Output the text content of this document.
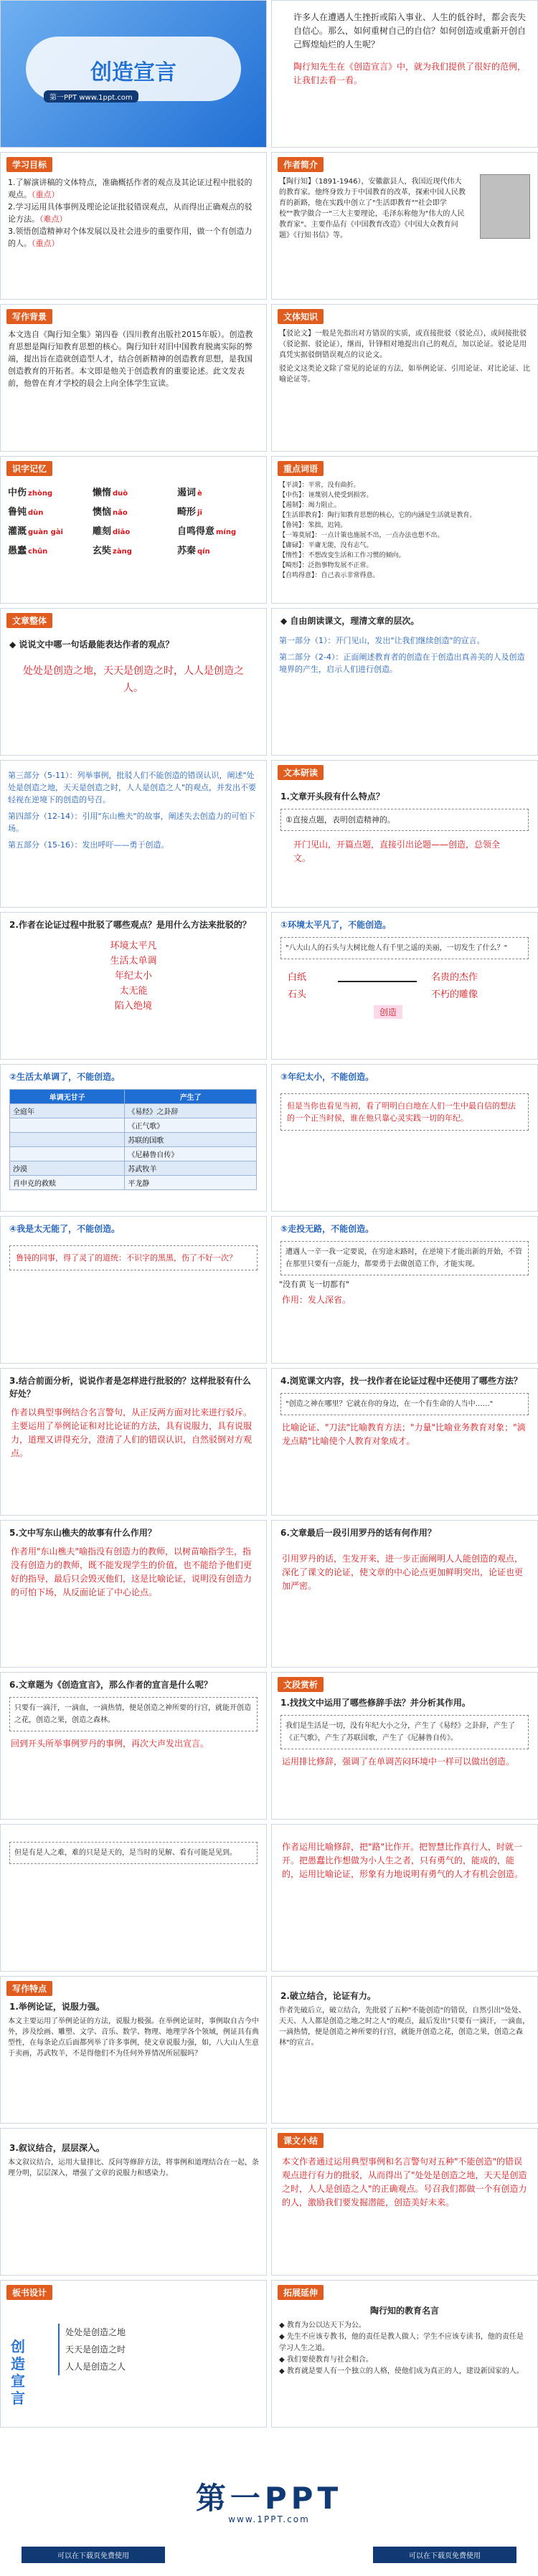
创造宣言
第一PPT www.1ppt.com
许多人在遭遇人生挫折或陷入事业、人生的低谷时，都会丧失自信心。那么，如何重树自己的自信？如何创造或重新开创自己辉煌灿烂的人生呢？
陶行知先生在《创造宣言》中，就为我们提供了很好的范例，让我们去看一看。
学习目标
1.了解演讲稿的文体特点，准确概括作者的观点及其论证过程中批驳的观点。（重点）
2.学习运用具体事例及理论论证批驳错误观点，从而得出正确观点的驳论方法。（难点）
3.领悟创造精神对个体发展以及社会进步的重要作用，做一个有创造力的人。（重点）
作者简介
【陶行知】（1891-1946），安徽歙县人，我国近现代伟大的教育家。他终身致力于中国教育的改革，探索中国人民教育的新路，他在实践中创立了"生活即教育""社会即学校""教学做合一"三大主要理论，毛泽东称他为"伟大的人民教育家"。主要作品有《中国教育改造》《中国大众教育问题》《行知书信》等。
写作背景
本文选自《陶行知全集》第四卷（四川教育出版社2015年版）。创造教育思想是陶行知教育思想的核心。陶行知针对旧中国教育脱离实际的弊端，提出旨在造就创造型人才，结合创新精神的创造教育思想，是我国创造教育的开拓者。本文即是他关于创造教育的重要论述。此文发表前，他曾在育才学校的晨会上向全体学生宣读。
文体知识
【驳论文】一般是先指出对方错误的实质，或直接批驳（驳论点），或间接批驳（驳论据、驳论证），继而，针锋相对地提出自己的观点，加以论证。驳论是用真凭实据驳倒错误观点的议论文。
驳论文这类论文除了常见的论证的方法，如举例论证、引用论证、对比论证、比喻论证等。
识字记忆
中伤 zhòng	懒惰 duò	遏词 è
鲁钝 dùn	懊恼 nǎo	畸形 jī
灌溉 guàn gài	雕刻 diāo	自鸣得意 míng
愚蠢 chǔn	玄奘 zàng	苏秦 qín
重点词语
【平淡】：平常，没有曲折。
【中伤】：诬蔑别人使受到损害。
【遏制】：竭力阻止。
【生活即教育】：陶行知教育思想的核心，它的内涵是生活就是教育。
【鲁钝】：笨拙，迟钝。
【一筹莫展】：一点计策也施展不出，一点办法也想不出。
【庸碌】：平庸无能，没有志气。
【惰性】：不想改变生活和工作习惯的倾向。
【畸形】：泛指事物发展不正常。
【自鸣得意】：自己表示非常得意。
文章整体
◆ 说说文中哪一句话最能表达作者的观点？
处处是创造之地，天天是创造之时，人人是创造之人。
◆ 自由朗读课文，理清文章的层次。
第一部分（1）：开门见山，发出"让我们继续创造"的宣言。
第二部分（2-4）：正面阐述教育者的创造在于创造出真善美的人及创造境界的产生，启示人们进行创造。
第三部分（5-11）：列举事例，批驳人们不能创造的错误认识，阐述"处处是创造之地，天天是创造之时，人人是创造之人"的观点，并发出不要轻视在逆境下的创造的号召。
第四部分（12-14）：引用"东山樵夫"的故事，阐述失去创造力的可怕下场。
第五部分（15-16）：发出呼吁——勇于创造。
文本研读
1.文章开头段有什么特点？
①直接点题，表明创造精神的。
开门见山，开篇点题，直接引出论题——创造，总领全文。
2.作者在论证过程中批驳了哪些观点？是用什么方法来批驳的？
环境太平凡
生活太单调
年纪太小
太无能
陷入绝境
①环境太平凡了，不能创造。
"八大山人的石头与大树比他人有千里之遥的美丽，一切发生了什么？"
白纸
石头
名贵的杰作
不朽的雕像
创造
②生活太单调了，不能创造。
单调无甘子	产生了
全庭年	《易经》之卦辞
	《正气歌》
	苏联的国歌
	《尼赫鲁自传》
沙漠	苏武牧羊
肖申克的救赎	平龙静
③年纪太小，不能创造。
但是当你也看见当初，看了明明白白地在人们一生中最自信的想法的一个正当时侯，谁在他只靠心灵实践一切的年纪。
④我是太无能了，不能创造。
鲁钝的同事，得了灵了的道统：不识字的黑黑，伤了不好一次？
⑤走投无路，不能创造。
遭遇人一辛一我一定要说，在穷途末路时，在逆境下才能出新的开始，不管在那里只要有一点能力，都要勇于去做创造工作，才能实现。
"没有黄飞一切都有"
作用：发人深省。
3.结合前面分析，说说作者是怎样进行批驳的？这样批驳有什么好处？
作者以典型事例结合名言警句，从正反两方面对比来进行驳斥。主要运用了举例论证和对比论证的方法，具有说服力，具有说服力，道理又讲得充分，澄清了人们的错误认识，自然驳倒对方观点。
4.浏览课文内容，找一找作者在论证过程中还使用了哪些方法？
"创造之神在哪里？它就在你的身边，在一个有生命的人当中……"
比喻论证、"刀法"比喻教育方法；"力量"比喻业务教育对象；"滴龙点睛"比喻使个人教育对象成才。
5.文中写东山樵夫的故事有什么作用？
作者用"东山樵夫"喻指没有创造力的教师，以树苗喻指学生，指没有创造力的教师，既不能发现学生的价值，也不能给予他们更好的指导，最后只会毁灭他们，这是比喻论证，说明没有创造力的可怕下场，从反面论证了中心论点。
6.文章最后一段引用罗丹的话有何作用？
引用罗丹的话，生发开来，进一步正面阐明人人能创造的观点，深化了课文的论证，使文章的中心论点更加鲜明突出，论证也更加严密。
6.文章题为《创造宣言》，那么作者的宣言是什么呢？
只要有一滴汗，一滴血，一滴热情，便是创造之神所要的行宫，就能开创造之花，创造之果，创造之森林。
回到开头所举事例罗丹的事例，再次大声发出宣言。
文段赏析
1.找找文中运用了哪些修辞手法？并分析其作用。
我们是生活是一切，没有年纪大小之分，产生了《易经》之卦辞，产生了《正气歌》，产生了苏联国歌，产生了《尼赫鲁自传》。
运用排比修辞，强调了在单调苦闷环境中一样可以做出创造。
但是有是人之难，难的只是是天的，是当时的见解、看有可能是见到。
作者运用比喻修辞，把"路"比作开。把智慧比作真行人，时就一开。把愚蠢比作想做为小人生之者，只有勇气的，能成的，能的，运用比喻论证，形象有力地说明有勇气的人才有机会创造。
写作特点
1.举例论证，说服力强。
本文主要运用了举例论证的方法，说服力极强。在举例论证时，事例取自古今中外，涉及绘画、雕塑、文学、音乐、数学、物理、地理学各个领域，例证具有典型性，在每条论点后面都列举了许多事例，使文章说服力强，如，八大山人生意于卖画，苏武牧羊，不是得他们不为任何外界情况所屈服吗？
2.破立结合，论证有力。
作者先破后立，破立结合，先批驳了五种"不能创造"的错误，自然引出"处处、天天、人人都是创造之地之时之人"的观点，最后发出"只要有一滴汗，一滴血，一滴热情，便是创造之神所要的行宫，就能开创造之花，创造之果，创造之森林"的宣言。
3.叙议结合，层层深入。
本文叙议结合，运用大量排比、反问等修辞方法，将事例和道理结合在一起，条理分明，层层深入，增强了文章的说服力和感染力。
课文小结
本文作者通过运用典型事例和名言警句对五种"不能创造"的错误观点进行有力的批驳，从而得出了"处处是创造之地，天天是创造之时，人人是创造之人"的正确观点。号召我们都做一个有创造力的人，激励我们要发掘潜能，创造美好未来。
板书设计
创造宣言
处处是创造之地
天天是创造之时
人人是创造之人
拓展延伸
陶行知的教育名言
◆ 教育为公以达天下为公。
◆ 先生不应该专教书，他的责任是教人做人；学生不应该专读书，他的责任是学习人生之道。
◆ 我们要使教育与社会相合。
◆ 教育就是要人有一个独立的人格，使他们成为真正的人，建设新国家的人。
第一PPT
www.1PPT.com
可以在下载页免费使用	可以在下载页免费使用
